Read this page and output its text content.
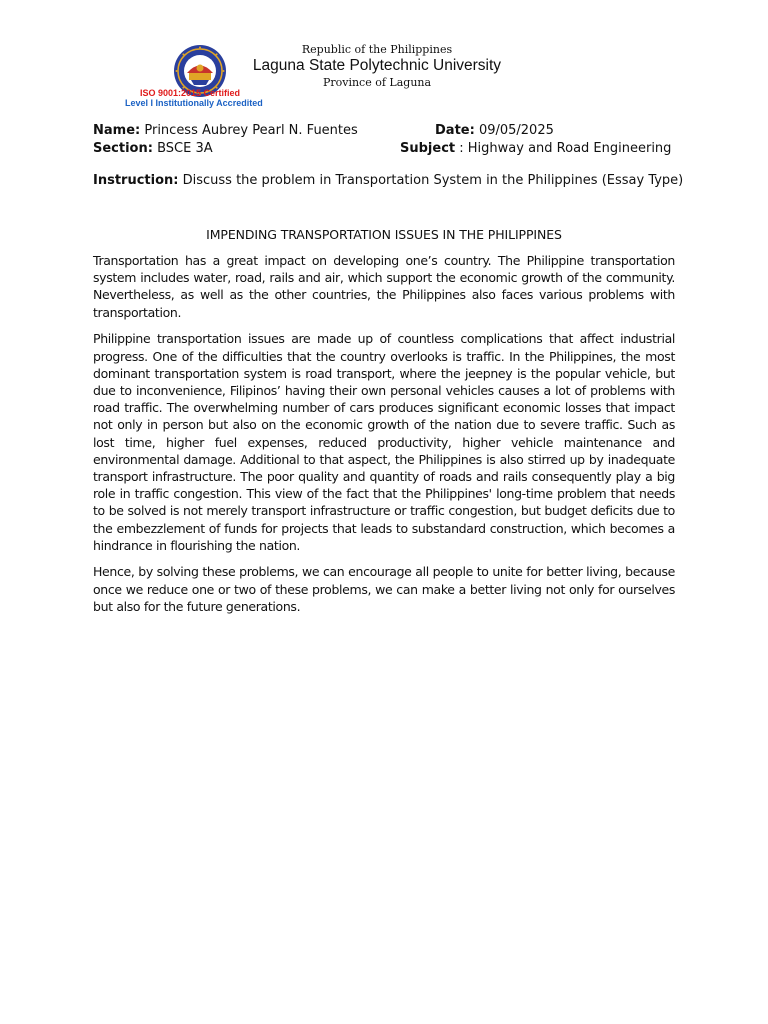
ISO 9001:2015 Certified
Level I Institutionally Accredited
Republic of the Philippines
Laguna State Polytechnic University
Province of Laguna
Name: Princess Aubrey Pearl N. Fuentes	Date: 09/05/2025
Section: BSCE 3A	Subject : Highway and Road Engineering
Instruction: Discuss the problem in Transportation System in the Philippines (Essay Type)
IMPENDING TRANSPORTATION ISSUES IN THE PHILIPPINES

Transportation has a great impact on developing one’s country. The Philippine transportation system includes water, road, rails and air, which support the economic growth of the community. Nevertheless, as well as the other countries, the Philippines also faces various problems with transportation.

Philippine transportation issues are made up of countless complications that affect industrial progress. One of the difficulties that the country overlooks is traffic. In the Philippines, the most dominant transportation system is road transport, where the jeepney is the popular vehicle, but due to inconvenience, Filipinos’ having their own personal vehicles causes a lot of problems with road traffic. The overwhelming number of cars produces significant economic losses that impact not only in person but also on the economic growth of the nation due to severe traffic. Such as lost time, higher fuel expenses, reduced productivity, higher vehicle maintenance and environmental damage. Additional to that aspect, the Philippines is also stirred up by inadequate transport infrastructure. The poor quality and quantity of roads and rails consequently play a big role in traffic congestion. This view of the fact that the Philippines' long-time problem that needs to be solved is not merely transport infrastructure or traffic congestion, but budget deficits due to the embezzlement of funds for projects that leads to substandard construction, which becomes a hindrance in flourishing the nation.

Hence, by solving these problems, we can encourage all people to unite for better living, because once we reduce one or two of these problems, we can make a better living not only for ourselves but also for the future generations.
